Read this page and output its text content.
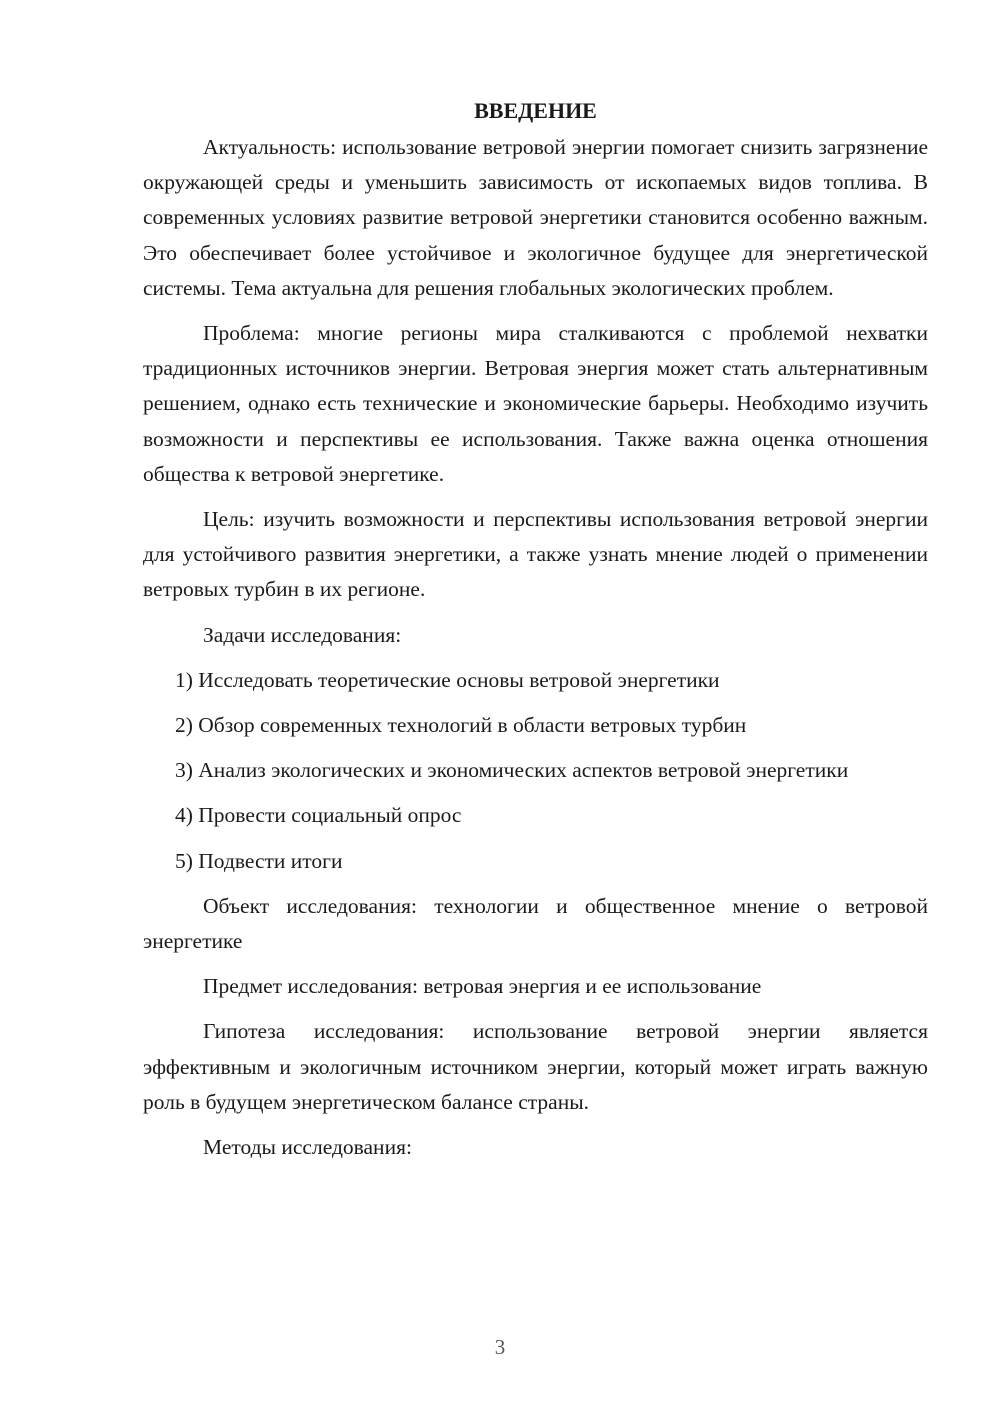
ВВЕДЕНИЕ

Актуальность: использование ветровой энергии помогает снизить загрязнение окружающей среды и уменьшить зависимость от ископаемых видов топлива. В современных условиях развитие ветровой энергетики становится особенно важным. Это обеспечивает более устойчивое и экологичное будущее для энергетической системы. Тема актуальна для решения глобальных экологических проблем.

Проблема: многие регионы мира сталкиваются с проблемой нехватки традиционных источников энергии. Ветровая энергия может стать альтернативным решением, однако есть технические и экономические барьеры. Необходимо изучить возможности и перспективы ее использования. Также важна оценка отношения общества к ветровой энергетике.

Цель: изучить возможности и перспективы использования ветровой энергии для устойчивого развития энергетики, а также узнать мнение людей о применении ветровых турбин в их регионе.

Задачи исследования:

1) Исследовать теоретические основы ветровой энергетики

2) Обзор современных технологий в области ветровых турбин

3) Анализ экологических и экономических аспектов ветровой энергетики

4) Провести социальный опрос

5) Подвести итоги

Объект исследования: технологии и общественное мнение о ветровой энергетике

Предмет исследования: ветровая энергия и ее использование

Гипотеза исследования: использование ветровой энергии является эффективным и экологичным источником энергии, который может играть важную роль в будущем энергетическом балансе страны.

Методы исследования:

3
